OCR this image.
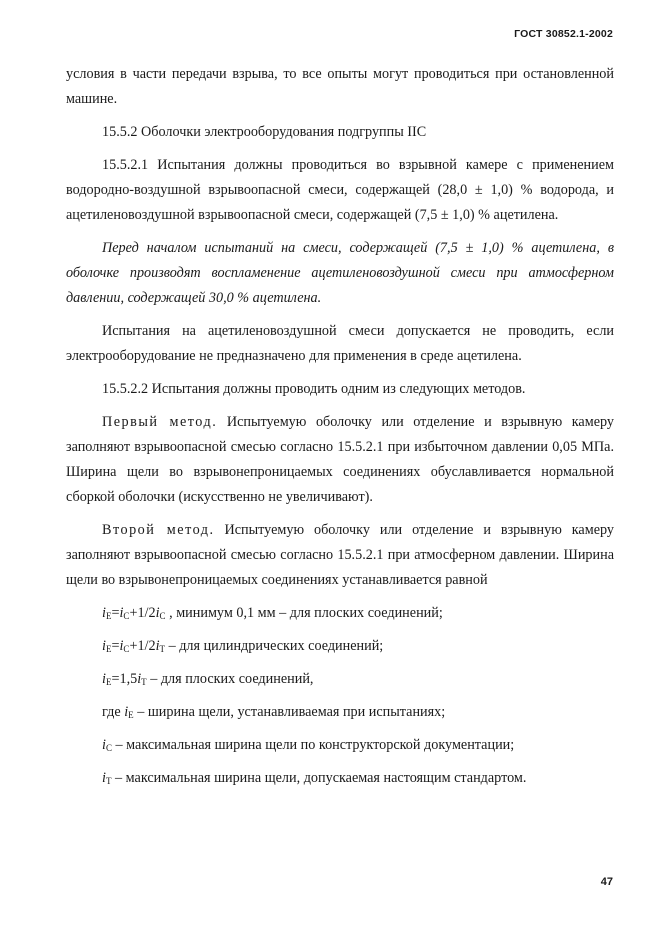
ГОСТ 30852.1-2002

условия в части передачи взрыва, то все опыты могут проводиться при остановленной машине.

15.5.2 Оболочки электрооборудования подгруппы IIC

15.5.2.1 Испытания должны проводиться во взрывной камере с применением водородно-воздушной взрывоопасной смеси, содержащей (28,0 ± 1,0) % водорода, и ацетиленовоздушной взрывоопасной смеси, содержащей (7,5 ± 1,0) % ацетилена.

Перед началом испытаний на смеси, содержащей (7,5 ± 1,0) % ацетилена, в оболочке производят воспламенение ацетиленовоздушной смеси при атмосферном давлении, содержащей 30,0 % ацетилена.

Испытания на ацетиленовоздушной смеси допускается не проводить, если электрооборудование не предназначено для применения в среде ацетилена.

15.5.2.2 Испытания должны проводить одним из следующих методов.

Первый метод. Испытуемую оболочку или отделение и взрывную камеру заполняют взрывоопасной смесью согласно 15.5.2.1 при избыточном давлении 0,05 МПа. Ширина щели во взрывонепроницаемых соединениях обуславливается нормальной сборкой оболочки (искусственно не увеличивают).

Второй метод. Испытуемую оболочку или отделение и взрывную камеру заполняют взрывоопасной смесью согласно 15.5.2.1 при атмосферном давлении. Ширина щели во взрывонепроницаемых соединениях устанавливается равной

$i_E=i_C+1/2i_C$ , минимум 0,1 мм – для плоских соединений;

$i_E=i_C+1/2i_T$ – для цилиндрических соединений;

$i_E=1,5i_T$ – для плоских соединений,

где $i_E$ – ширина щели, устанавливаемая при испытаниях;

$i_C$ – максимальная ширина щели по конструкторской документации;

$i_T$ – максимальная ширина щели, допускаемая настоящим стандартом.

47
